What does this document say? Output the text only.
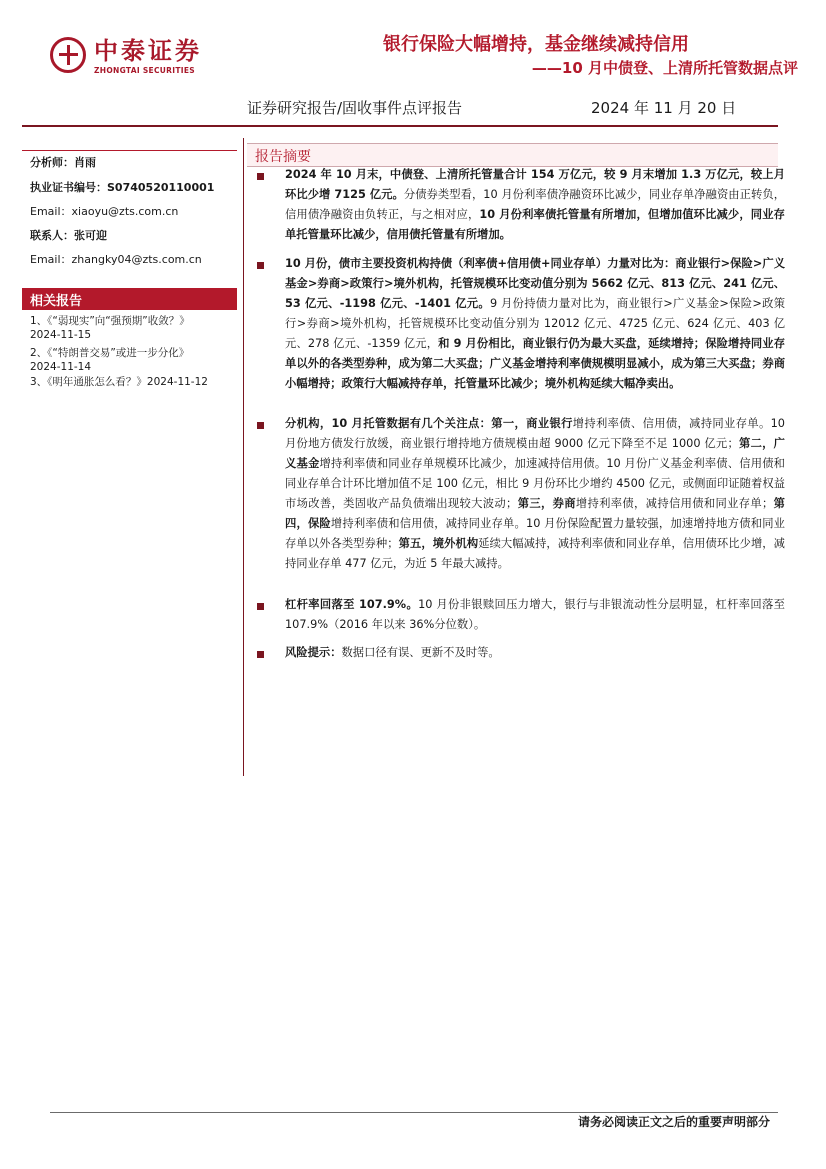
中泰证券
ZHONGTAI SECURITIES
银行保险大幅增持，基金继续减持信用
——10 月中债登、上清所托管数据点评
证券研究报告/固收事件点评报告	2024 年 11 月 20 日
分析师：肖雨
执业证书编号：S0740520110001
Email：xiaoyu@zts.com.cn
联系人：张可迎
Email：zhangky04@zts.com.cn
相关报告
1、《“弱现实”向“强预期”收敛？》
2024-11-15
2、《“特朗普交易”或进一步分化》
2024-11-14
3、《明年通胀怎么看？》2024-11-12
报告摘要
2024 年 10 月末，中债登、上清所托管量合计 154 万亿元，较 9 月末增加 1.3 万亿元，较上月环比少增 7125 亿元。分债券类型看，10 月份利率债净融资环比减少，同业存单净融资由正转负，信用债净融资由负转正，与之相对应，10 月份利率债托管量有所增加，但增加值环比减少，同业存单托管量环比减少，信用债托管量有所增加。
10 月份，债市主要投资机构持债（利率债+信用债+同业存单）力量对比为：商业银行>保险>广义基金>券商>政策行>境外机构，托管规模环比变动值分别为 5662 亿元、813 亿元、241 亿元、53 亿元、-1198 亿元、-1401 亿元。9 月份持债力量对比为，商业银行>广义基金>保险>政策行>券商>境外机构，托管规模环比变动值分别为 12012 亿元、4725 亿元、624 亿元、403 亿元、278 亿元、-1359 亿元，和 9 月份相比，商业银行仍为最大买盘，延续增持；保险增持同业存单以外的各类型券种，成为第二大买盘；广义基金增持利率债规模明显减小，成为第三大买盘；券商小幅增持；政策行大幅减持存单，托管量环比减少；境外机构延续大幅净卖出。
分机构，10 月托管数据有几个关注点：第一，商业银行增持利率债、信用债，减持同业存单。10 月份地方债发行放缓，商业银行增持地方债规模由超 9000 亿元下降至不足 1000 亿元；第二，广义基金增持利率债和同业存单规模环比减少，加速减持信用债。10 月份广义基金利率债、信用债和同业存单合计环比增加值不足 100 亿元，相比 9 月份环比少增约 4500 亿元，或侧面印证随着权益市场改善，类固收产品负债端出现较大波动；第三，券商增持利率债，减持信用债和同业存单；第四，保险增持利率债和信用债，减持同业存单。10 月份保险配置力量较强，加速增持地方债和同业存单以外各类型券种；第五，境外机构延续大幅减持，减持利率债和同业存单，信用债环比少增，减持同业存单 477 亿元，为近 5 年最大减持。
杠杆率回落至 107.9%。10 月份非银赎回压力增大，银行与非银流动性分层明显，杠杆率回落至 107.9%（2016 年以来 36%分位数）。
风险提示：数据口径有误、更新不及时等。
请务必阅读正文之后的重要声明部分
